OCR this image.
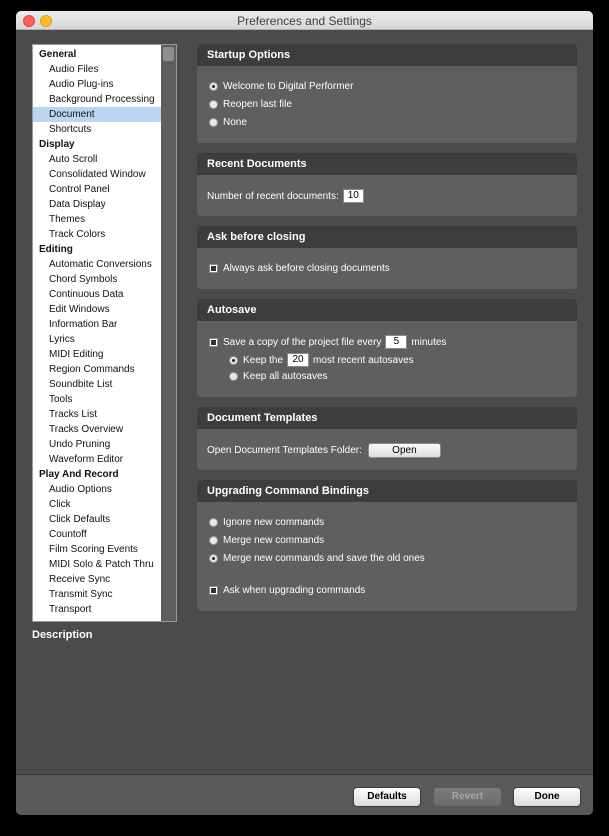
Preferences and Settings
General
Audio Files
Audio Plug-ins
Background Processing
Document
Shortcuts
Display
Auto Scroll
Consolidated Window
Control Panel
Data Display
Themes
Track Colors
Editing
Automatic Conversions
Chord Symbols
Continuous Data
Edit Windows
Information Bar
Lyrics
MIDI Editing
Region Commands
Soundbite List
Tools
Tracks List
Tracks Overview
Undo Pruning
Waveform Editor
Play And Record
Audio Options
Click
Click Defaults
Countoff
Film Scoring Events
MIDI Solo & Patch Thru
Receive Sync
Transmit Sync
Transport
Description
Startup Options
Welcome to Digital Performer
Reopen last file
None
Recent Documents
Number of recent documents: 10
Ask before closing
Always ask before closing documents
Autosave
Save a copy of the project file every	5	minutes
Keep the 20 most recent autosaves
Keep all autosaves
Document Templates
Open Document Templates Folder:	Open
Upgrading Command Bindings
Ignore new commands
Merge new commands
Merge new commands and save the old ones
Ask when upgrading commands
Defaults	Revert	Done
